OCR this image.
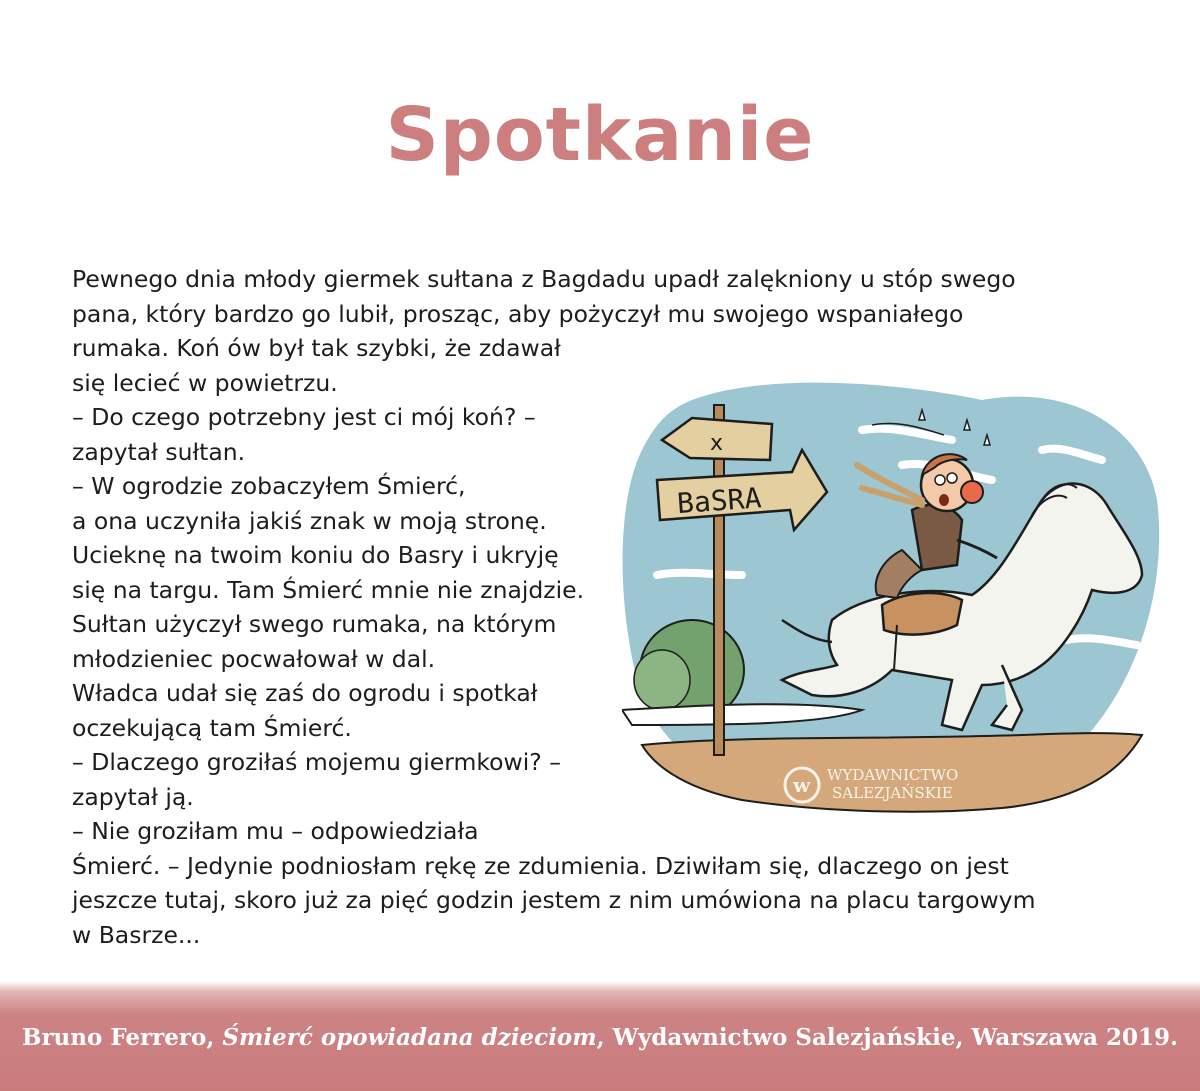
Spotkanie
Pewnego dnia młody giermek sułtana z Bagdadu upadł zalękniony u stóp swego
pana, który bardzo go lubił, prosząc, aby pożyczył mu swojego wspaniałego
rumaka. Koń ów był tak szybki, że zdawał
się lecieć w powietrzu.
– Do czego potrzebny jest ci mój koń? –
zapytał sułtan.
– W ogrodzie zobaczyłem Śmierć,
a ona uczyniła jakiś znak w moją stronę.
Ucieknę na twoim koniu do Basry i ukryję
się na targu. Tam Śmierć mnie nie znajdzie.
Sułtan użyczył swego rumaka, na którym
młodzieniec pocwałował w dal.
Władca udał się zaś do ogrodu i spotkał
oczekującą tam Śmierć.
– Dlaczego groziłaś mojemu giermkowi? –
zapytał ją.
– Nie groziłam mu – odpowiedziała
Śmierć. – Jedynie podniosłam rękę ze zdumienia. Dziwiłam się, dlaczego on jest
jeszcze tutaj, skoro już za pięć godzin jestem z nim umówiona na placu targowym
w Basrze...
x
BaSRA
w WYDAWNICTWO
SALEZJAŃSKIE
Bruno Ferrero, Śmierć opowiadana dzieciom, Wydawnictwo Salezjańskie, Warszawa 2019.
